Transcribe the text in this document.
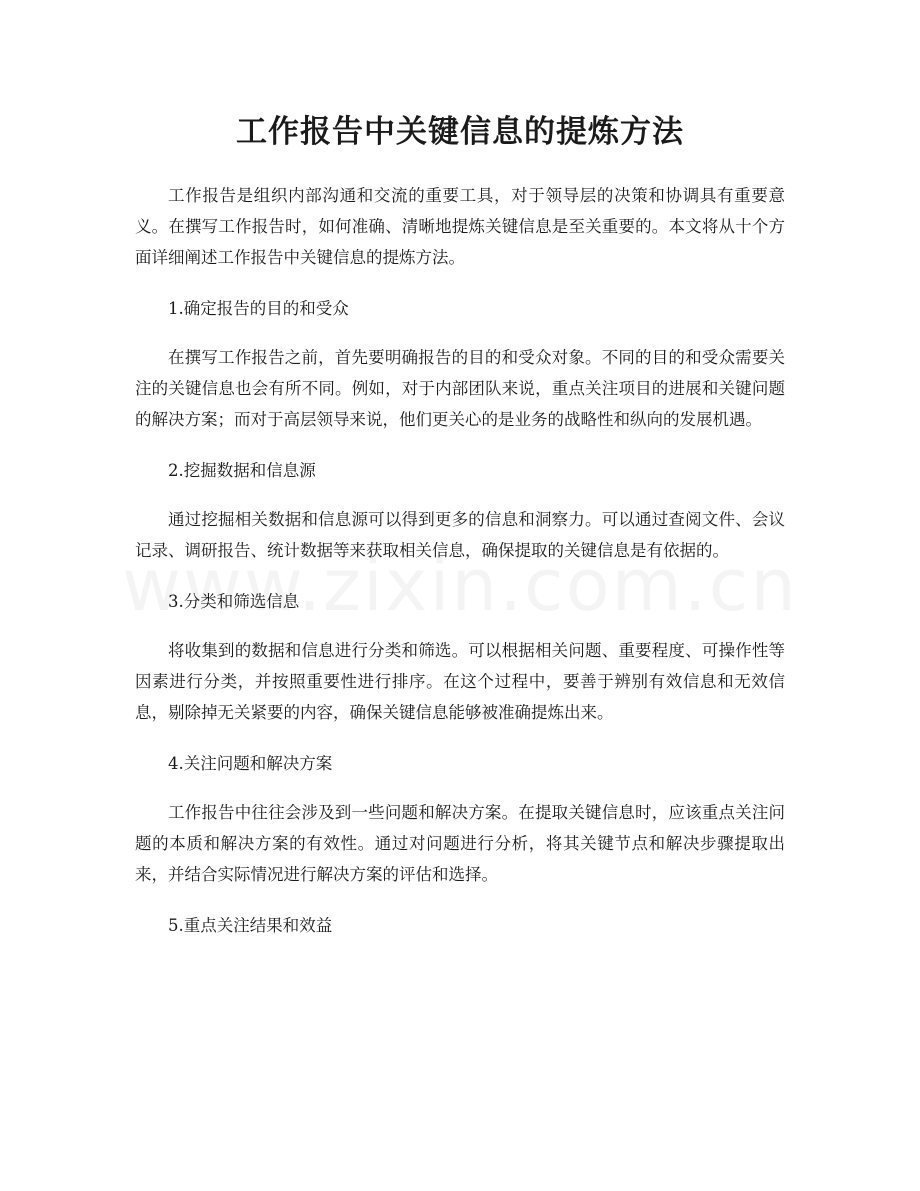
工作报告中关键信息的提炼方法

工作报告是组织内部沟通和交流的重要工具，对于领导层的决策和协调具有重要意义。在撰写工作报告时，如何准确、清晰地提炼关键信息是至关重要的。本文将从十个方面详细阐述工作报告中关键信息的提炼方法。

1.确定报告的目的和受众

在撰写工作报告之前，首先要明确报告的目的和受众对象。不同的目的和受众需要关注的关键信息也会有所不同。例如，对于内部团队来说，重点关注项目的进展和关键问题的解决方案；而对于高层领导来说，他们更关心的是业务的战略性和纵向的发展机遇。

2.挖掘数据和信息源

通过挖掘相关数据和信息源可以得到更多的信息和洞察力。可以通过查阅文件、会议记录、调研报告、统计数据等来获取相关信息，确保提取的关键信息是有依据的。

3.分类和筛选信息

将收集到的数据和信息进行分类和筛选。可以根据相关问题、重要程度、可操作性等因素进行分类，并按照重要性进行排序。在这个过程中，要善于辨别有效信息和无效信息，剔除掉无关紧要的内容，确保关键信息能够被准确提炼出来。

4.关注问题和解决方案

工作报告中往往会涉及到一些问题和解决方案。在提取关键信息时，应该重点关注问题的本质和解决方案的有效性。通过对问题进行分析，将其关键节点和解决步骤提取出来，并结合实际情况进行解决方案的评估和选择。

5.重点关注结果和效益
